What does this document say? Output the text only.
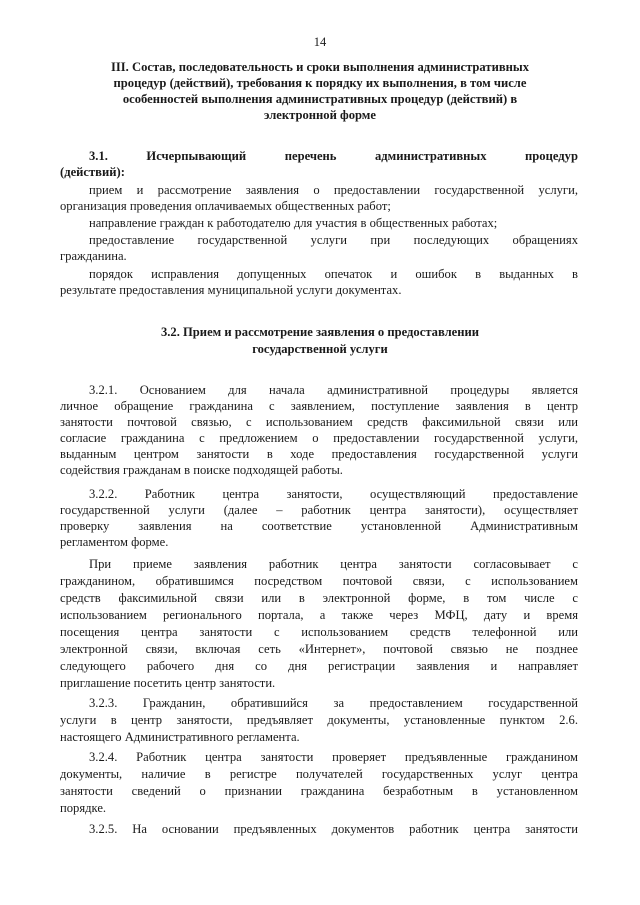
14
III. Состав, последовательность и сроки выполнения административных
процедур (действий), требования к порядку их выполнения, в том числе
особенностей выполнения административных процедур (действий) в
электронной форме
3.1.	Исчерпывающий	перечень	административных	процедур
(действий):
прием и рассмотрение заявления о предоставлении государственной услуги,
организация проведения оплачиваемых общественных работ;
направление граждан к работодателю для участия в общественных работах;
предоставление государственной услуги при последующих обращениях
гражданина.
порядок исправления допущенных опечаток и ошибок в выданных в
результате предоставления муниципальной услуги документах.
3.2. Прием и рассмотрение заявления о предоставлении
государственной услуги
3.2.1. Основанием для начала административной процедуры является
личное обращение гражданина с заявлением, поступление заявления в центр
занятости почтовой связью, с использованием средств факсимильной связи или
согласие гражданина с предложением о предоставлении государственной услуги,
выданным центром занятости в ходе предоставления государственной услуги
содействия гражданам в поиске подходящей работы.
3.2.2. Работник центра занятости, осуществляющий предоставление
государственной услуги (далее – работник центра занятости), осуществляет
проверку заявления на соответствие установленной Административным
регламентом форме.
При приеме заявления работник центра занятости согласовывает с
гражданином, обратившимся посредством почтовой связи, с использованием
средств факсимильной связи или в электронной форме, в том числе с
использованием регионального портала, а также через МФЦ, дату и время
посещения центра занятости с использованием средств телефонной или
электронной связи, включая сеть «Интернет», почтовой связью не позднее
следующего рабочего дня со дня регистрации заявления и направляет
приглашение посетить центр занятости.
3.2.3. Гражданин, обратившийся за предоставлением государственной
услуги в центр занятости, предъявляет документы, установленные пунктом 2.6.
настоящего Административного регламента.
3.2.4. Работник центра занятости проверяет предъявленные гражданином
документы, наличие в регистре получателей государственных услуг центра
занятости сведений о признании гражданина безработным в установленном
порядке.
3.2.5. На основании предъявленных документов работник центра занятости
